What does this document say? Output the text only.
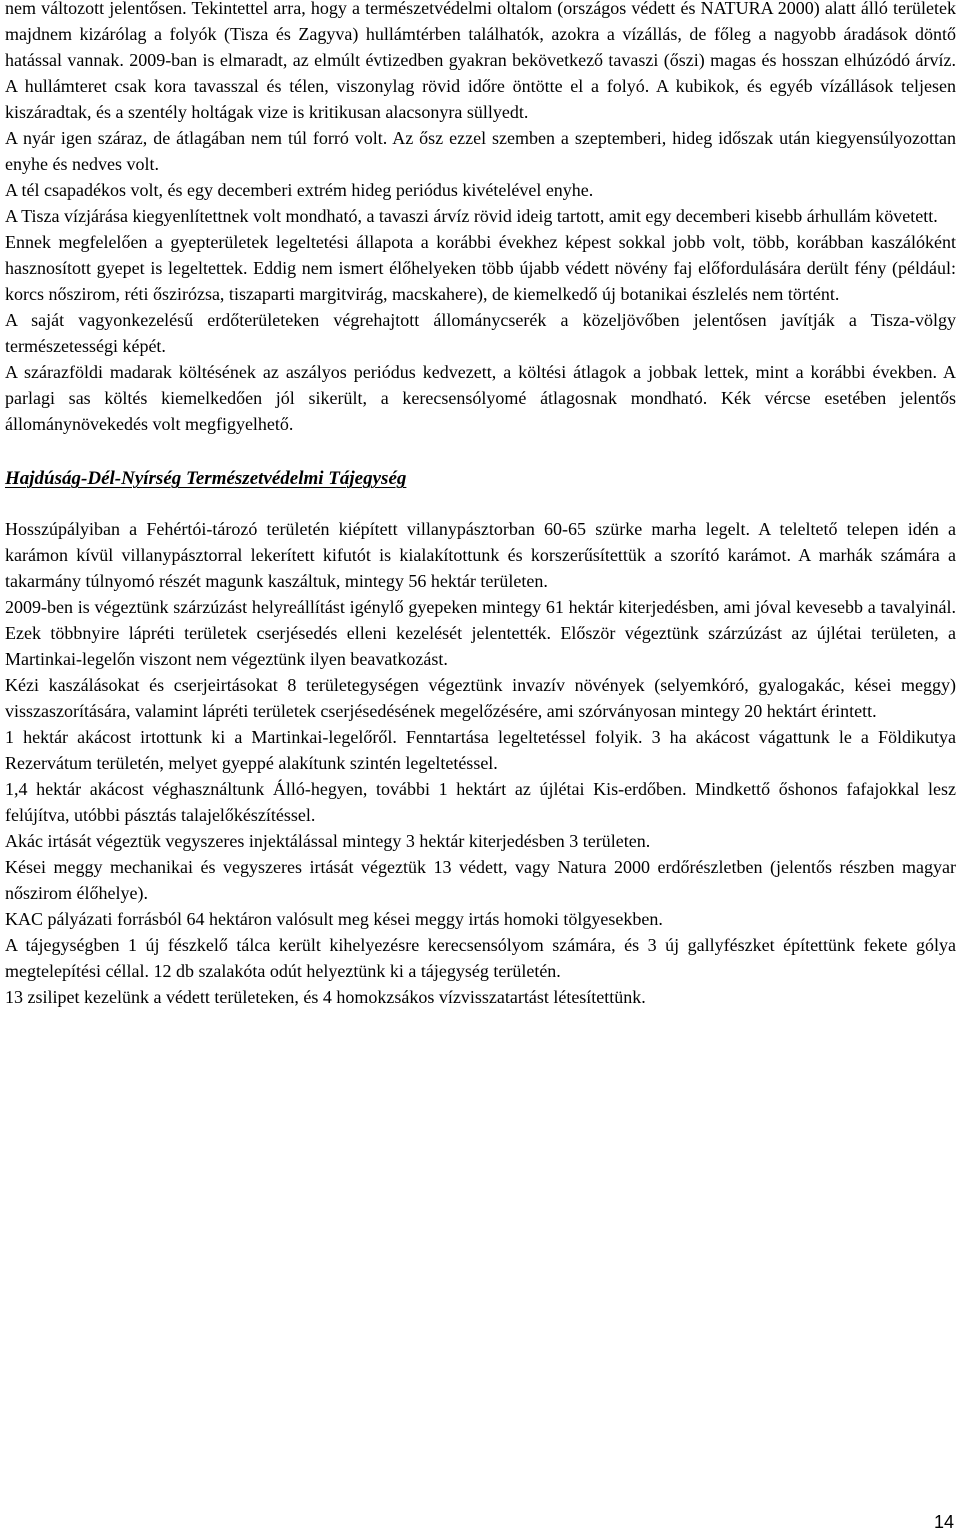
nem változott jelentősen. Tekintettel arra, hogy a természetvédelmi oltalom (országos védett és NATURA 2000) alatt álló területek majdnem kizárólag a folyók (Tisza és Zagyva) hullámtérben találhatók, azokra a vízállás, de főleg a nagyobb áradások döntő hatással vannak. 2009-ban is elmaradt, az elmúlt évtizedben gyakran bekövetkező tavaszi (őszi) magas és hosszan elhúzódó árvíz. A hullámteret csak kora tavasszal és télen, viszonylag rövid időre öntötte el a folyó. A kubikok, és egyéb vízállások teljesen kiszáradtak, és a szentély holtágak vize is kritikusan alacsonyra süllyedt.

A nyár igen száraz, de átlagában nem túl forró volt. Az ősz ezzel szemben a szeptemberi, hideg időszak után kiegyensúlyozottan enyhe és nedves volt.

A tél csapadékos volt, és egy decemberi extrém hideg periódus kivételével enyhe.

A Tisza vízjárása kiegyenlítettnek volt mondható, a tavaszi árvíz rövid ideig tartott, amit egy decemberi kisebb árhullám követett.

Ennek megfelelően a gyepterületek legeltetési állapota a korábbi évekhez képest sokkal jobb volt, több, korábban kaszálóként hasznosított gyepet is legeltettek. Eddig nem ismert élőhelyeken több újabb védett növény faj előfordulására derült fény (például: korcs nőszirom, réti őszirózsa, tiszaparti margitvirág, macskahere), de kiemelkedő új botanikai észlelés nem történt.

A saját vagyonkezelésű erdőterületeken végrehajtott állománycserék a közeljövőben jelentősen javítják a Tisza-völgy természetességi képét.

A szárazföldi madarak költésének az aszályos periódus kedvezett, a költési átlagok a jobbak lettek, mint a korábbi években. A parlagi sas költés kiemelkedően jól sikerült, a kerecsensólyomé átlagosnak mondható. Kék vércse esetében jelentős állománynövekedés volt megfigyelhető.

Hajdúság-Dél-Nyírség Természetvédelmi Tájegység

Hosszúpályiban a Fehértói-tározó területén kiépített villanypásztorban 60-65 szürke marha legelt. A teleltető telepen idén a karámon kívül villanypásztorral lekerített kifutót is kialakítottunk és korszerűsítettük a szorító karámot. A marhák számára a takarmány túlnyomó részét magunk kaszáltuk, mintegy 56 hektár területen.

2009-ben is végeztünk szárzúzást helyreállítást igénylő gyepeken mintegy 61 hektár kiterjedésben, ami jóval kevesebb a tavalyinál. Ezek többnyire lápréti területek cserjésedés elleni kezelését jelentették. Először végeztünk szárzúzást az újlétai területen, a Martinkai-legelőn viszont nem végeztünk ilyen beavatkozást.

Kézi kaszálásokat és cserjeirtásokat 8 területegységen végeztünk invazív növények (selyemkóró, gyalogakác, kései meggy) visszaszorítására, valamint lápréti területek cserjésedésének megelőzésére, ami szórványosan mintegy 20 hektárt érintett.

1 hektár akácost irtottunk ki a Martinkai-legelőről. Fenntartása legeltetéssel folyik. 3 ha akácost vágattunk le a Földikutya Rezervátum területén, melyet gyeppé alakítunk szintén legeltetéssel.

1,4 hektár akácost véghasználtunk Álló-hegyen, további 1 hektárt az újlétai Kis-erdőben. Mindkettő őshonos fafajokkal lesz felújítva, utóbbi pásztás talajelőkészítéssel.

Akác irtását végeztük vegyszeres injektálással mintegy 3 hektár kiterjedésben 3 területen.

Kései meggy mechanikai és vegyszeres irtását végeztük 13 védett, vagy Natura 2000 erdőrészletben (jelentős részben magyar nőszirom élőhelye).

KAC pályázati forrásból 64 hektáron valósult meg kései meggy irtás homoki tölgyesekben.

A tájegységben 1 új fészkelő tálca került kihelyezésre kerecsensólyom számára, és 3 új gallyfészket építettünk fekete gólya megtelepítési céllal. 12 db szalakóta odút helyeztünk ki a tájegység területén.

13 zsilipet kezelünk a védett területeken, és 4 homokzsákos vízvisszatartást létesítettünk.

14
